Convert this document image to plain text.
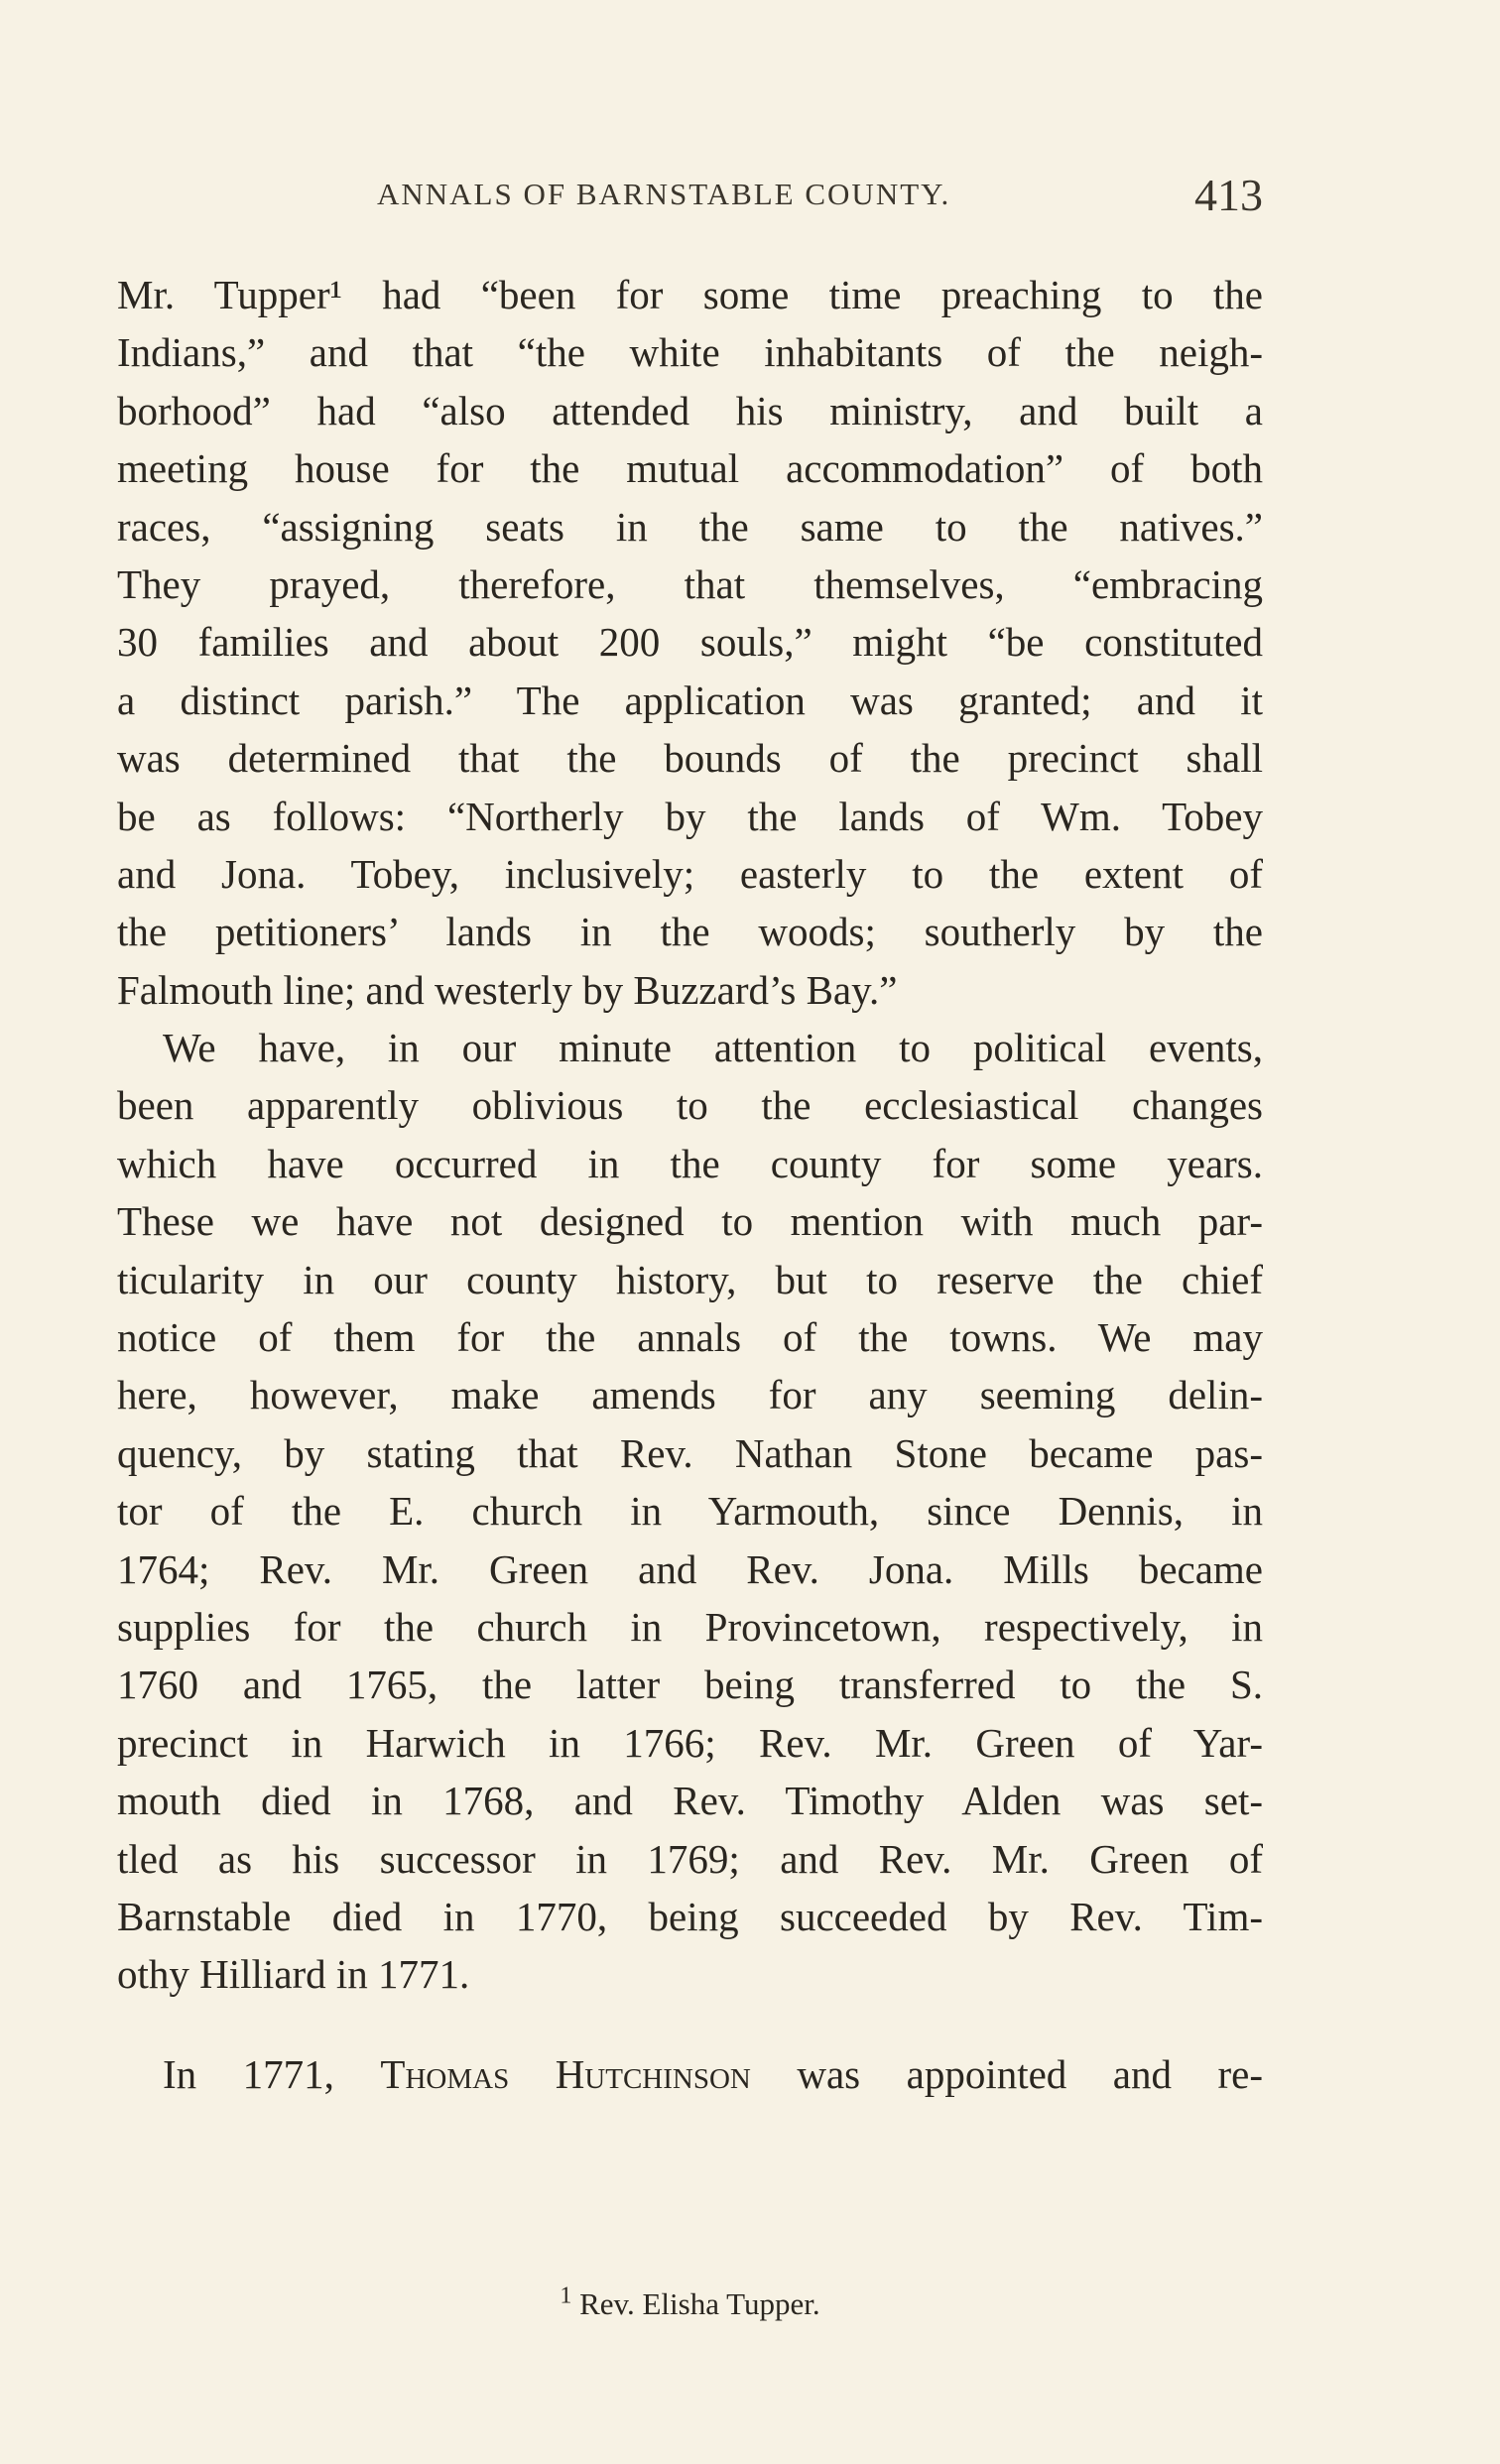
ANNALS OF BARNSTABLE COUNTY.	413
Mr. Tupper¹ had “been for some time preaching to the
Indians,” and that “the white inhabitants of the neigh-
borhood” had “also attended his ministry, and built a
meeting house for the mutual accommodation” of both
races, “assigning seats in the same to the natives.”
They prayed, therefore, that themselves, “embracing
30 families and about 200 souls,” might “be constituted
a distinct parish.” The application was granted; and it
was determined that the bounds of the precinct shall
be as follows: “Northerly by the lands of Wm. Tobey
and Jona. Tobey, inclusively; easterly to the extent of
the petitioners’ lands in the woods; southerly by the
Falmouth line; and westerly by Buzzard’s Bay.”
We have, in our minute attention to political events,
been apparently oblivious to the ecclesiastical changes
which have occurred in the county for some years.
These we have not designed to mention with much par-
ticularity in our county history, but to reserve the chief
notice of them for the annals of the towns. We may
here, however, make amends for any seeming delin-
quency, by stating that Rev. Nathan Stone became pas-
tor of the E. church in Yarmouth, since Dennis, in
1764; Rev. Mr. Green and Rev. Jona. Mills became
supplies for the church in Provincetown, respectively, in
1760 and 1765, the latter being transferred to the S.
precinct in Harwich in 1766; Rev. Mr. Green of Yar-
mouth died in 1768, and Rev. Timothy Alden was set-
tled as his successor in 1769; and Rev. Mr. Green of
Barnstable died in 1770, being succeeded by Rev. Tim-
othy Hilliard in 1771.
In 1771, Thomas Hutchinson was appointed and re-
$^1$ Rev. Elisha Tupper.
